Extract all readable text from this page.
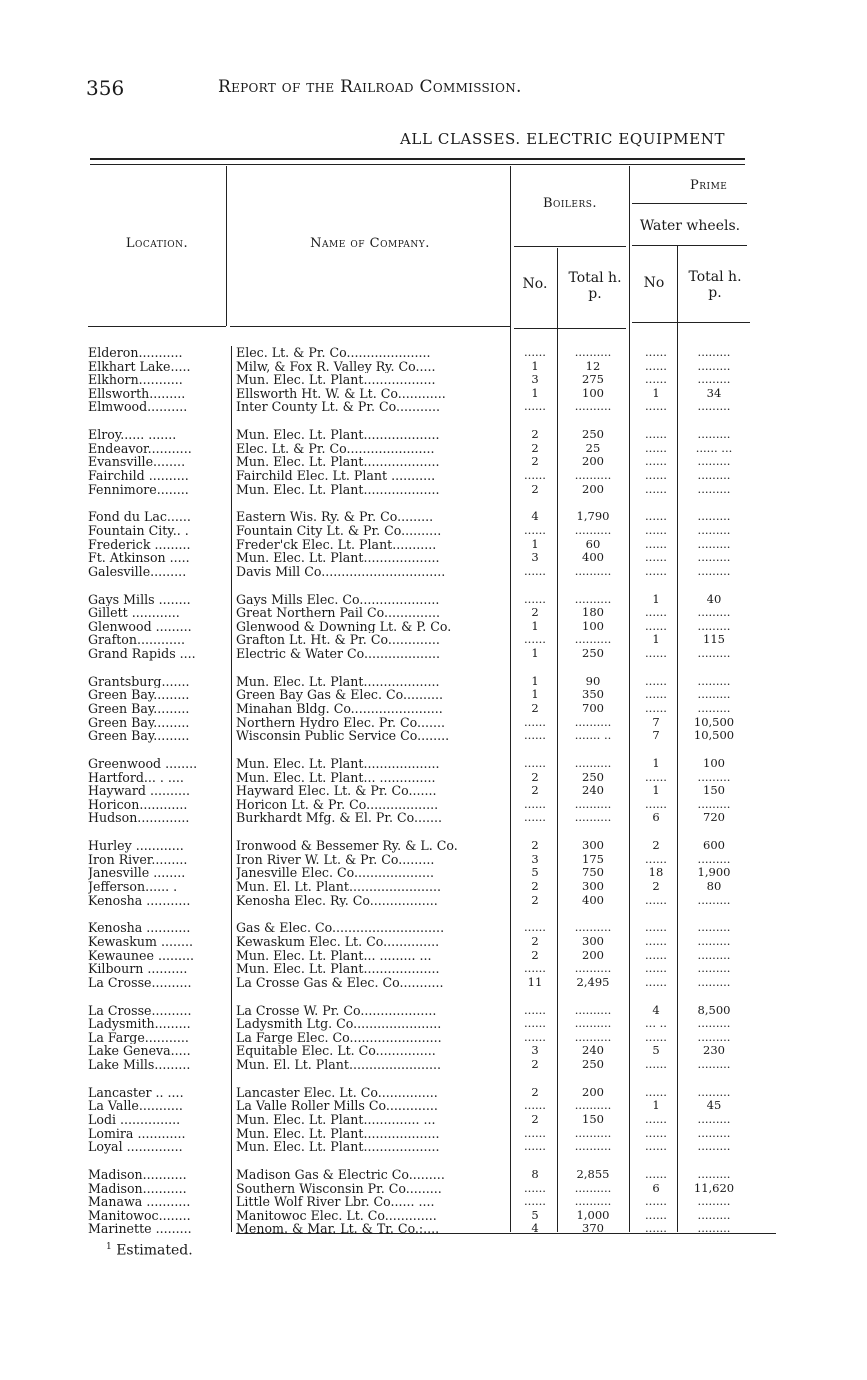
356	Report of the Railroad Commission.
ALL CLASSES. ELECTRIC EQUIPMENT
Location.	Name of Company.
Boilers.
Prime
Water wheels.
No.	Total h. p.
No	Total h. p.
Elderon...........	Elec. Lt. & Pr. Co.....................	......	..........	......	.........
Elkhart Lake.....	Milw, & Fox R. Valley Ry. Co.....	1	12	......	.........
Elkhorn...........	Mun. Elec. Lt. Plant..................	3	275	......	.........
Ellsworth.........	Ellsworth Ht. W. & Lt. Co............	1	100	1	34
Elmwood..........	Inter County Lt. & Pr. Co...........	......	..........	......	.........
Elroy...... .......	Mun. Elec. Lt. Plant...................	2	250	......	.........
Endeavor...........	Elec. Lt. & Pr. Co......................	2	25	......	...... ...
Evansville........	Mun. Elec. Lt. Plant...................	2	200	......	.........
Fairchild ..........	Fairchild Elec. Lt. Plant ...........	......	..........	......	.........
Fennimore........	Mun. Elec. Lt. Plant...................	2	200	......	.........
Fond du Lac......	Eastern Wis. Ry. & Pr. Co.........	4	1,790	......	.........
Fountain City.. .	Fountain City Lt. & Pr. Co..........	......	..........	......	.........
Frederick .........	Freder'ck Elec. Lt. Plant...........	1	60	......	.........
Ft. Atkinson .....	Mun. Elec. Lt. Plant...................	3	400	......	.........
Galesville.........	Davis Mill Co...............................	......	..........	......	.........
Gays Mills ........	Gays Mills Elec. Co....................	......	..........	1	40
Gillett ............	Great Northern Pail Co..............	2	180	......	.........
Glenwood .........	Glenwood & Downing Lt. & P. Co.	1	100	......	.........
Grafton............	Grafton Lt. Ht. & Pr. Co.............	......	..........	1	115
Grand Rapids ....	Electric & Water Co...................	1	250	......	.........
Grantsburg.......	Mun. Elec. Lt. Plant...................	1	90	......	.........
Green Bay.........	Green Bay Gas & Elec. Co..........	1	350	......	.........
Green Bay.........	Minahan Bldg. Co.......................	2	700	......	.........
Green Bay.........	Northern Hydro Elec. Pr. Co.......	......	..........	7	10,500
Green Bay.........	Wisconsin Public Service Co........	......	....... ..	7	10,500
Greenwood ........	Mun. Elec. Lt. Plant...................	......	..........	1	100
Hartford... . ....	Mun. Elec. Lt. Plant... ..............	2	250	......	.........
Hayward ..........	Hayward Elec. Lt. & Pr. Co.......	2	240	1	150
Horicon............	Horicon Lt. & Pr. Co..................	......	..........	......	.........
Hudson.............	Burkhardt Mfg. & El. Pr. Co.......	......	..........	6	720
Hurley ............	Ironwood & Bessemer Ry. & L. Co.	2	300	2	600
Iron River.........	Iron River W. Lt. & Pr. Co.........	3	175	......	.........
Janesville ........	Janesville Elec. Co....................	5	750	18	1,900
Jefferson...... .	Mun. El. Lt. Plant.......................	2	300	2	80
Kenosha ...........	Kenosha Elec. Ry. Co.................	2	400	......	.........
Kenosha ...........	Gas & Elec. Co............................	......	..........	......	.........
Kewaskum ........	Kewaskum Elec. Lt. Co..............	2	300	......	.........
Kewaunee .........	Mun. Elec. Lt. Plant... ......... ...	2	200	......	.........
Kilbourn ..........	Mun. Elec. Lt. Plant...................	......	..........	......	.........
La Crosse..........	La Crosse Gas & Elec. Co...........	11	2,495	......	.........
La Crosse..........	La Crosse W. Pr. Co...................	......	..........	4	8,500
Ladysmith.........	Ladysmith Ltg. Co......................	......	..........	... ..	.........
La Farge...........	La Farge Elec. Co.......................	......	..........	......	.........
Lake Geneva.....	Equitable Elec. Lt. Co...............	3	240	5	230
Lake Mills.........	Mun. El. Lt. Plant.......................	2	250	......	.........
Lancaster .. ....	Lancaster Elec. Lt. Co...............	2	200	......	.........
La Valle...........	La Valle Roller Mills Co.............	......	..........	1	45
Lodi ...............	Mun. Elec. Lt. Plant.............. ...	2	150	......	.........
Lomira ............	Mun. Elec. Lt. Plant...................	......	..........	......	.........
Loyal ..............	Mun. Elec. Lt. Plant...................	......	..........	......	.........
Madison...........	Madison Gas & Electric Co.........	8	2,855	......	.........
Madison...........	Southern Wisconsin Pr. Co.........	......	..........	6	11,620
Manawa ...........	Little Wolf River Lbr. Co...... ....	......	..........	......	.........
Manitowoc........	Manitowoc Elec. Lt. Co.............	5	1,000	......	.........
Marinette .........	Menom. & Mar. Lt. & Tr. Co.:....	4	370	......	.........
$^1$ Estimated.
